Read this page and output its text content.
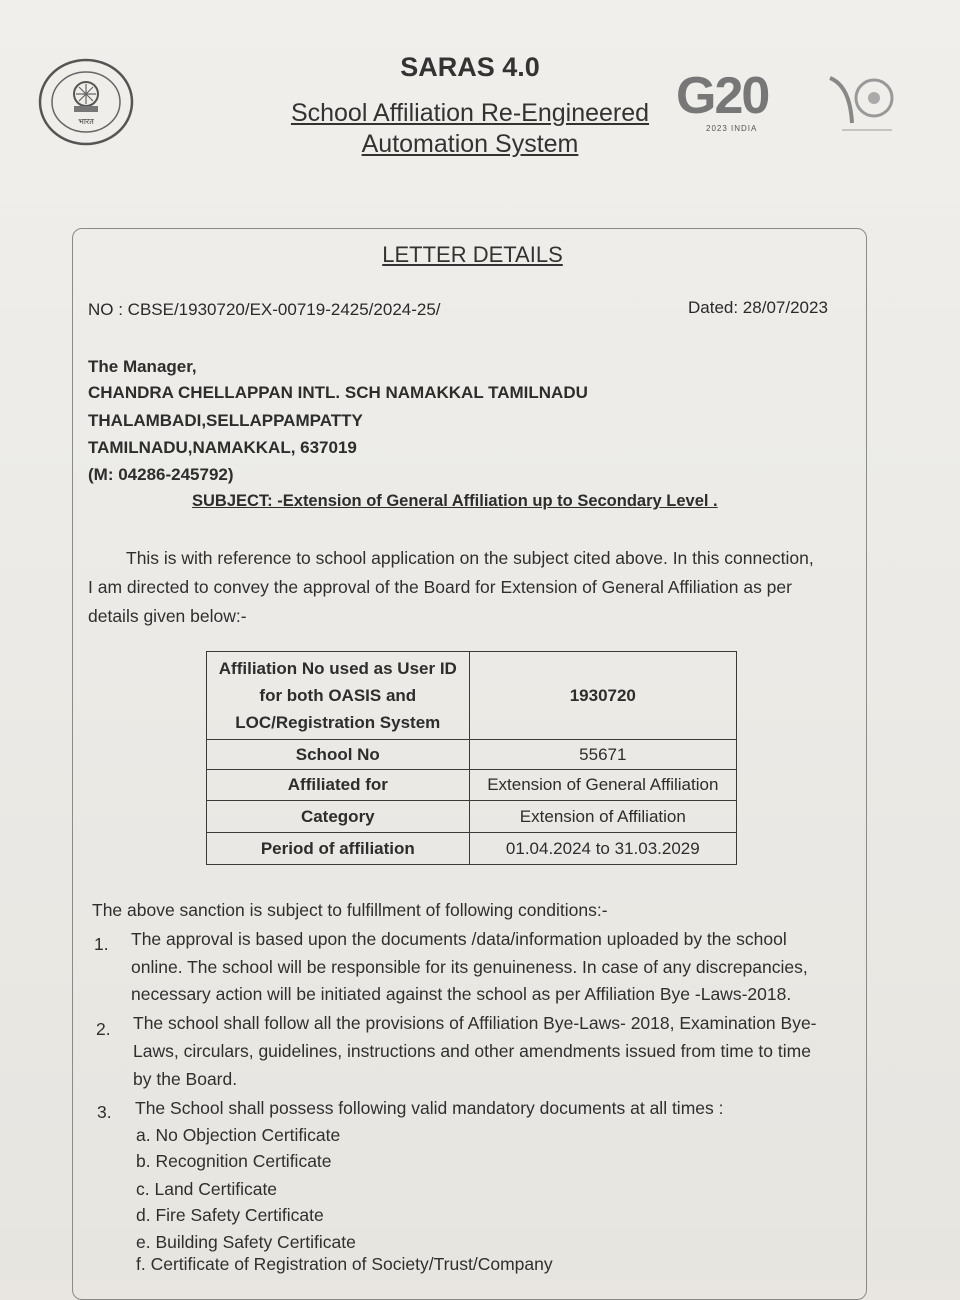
भारत
SARAS 4.0
School Affiliation Re-Engineered
Automation System
G20
2023 INDIA
LETTER DETAILS
NO : CBSE/1930720/EX-00719-2425/2024-25/	Dated: 28/07/2023
The Manager,
CHANDRA CHELLAPPAN INTL. SCH NAMAKKAL TAMILNADU
THALAMBADI,SELLAPPAMPATTY
TAMILNADU,NAMAKKAL, 637019
(M: 04286-245792)
SUBJECT: -Extension of General Affiliation up to Secondary Level .
This is with reference to school application on the subject cited above. In this connection,
I am directed to convey the approval of the Board for Extension of General Affiliation as per
details given below:-
Affiliation No used as User ID for both OASIS and LOC/Registration System	1930720
School No	55671
Affiliated for	Extension of General Affiliation
Category	Extension of Affiliation
Period of affiliation	01.04.2024 to 31.03.2029
The above sanction is subject to fulfillment of following conditions:-
1. The approval is based upon the documents /data/information uploaded by the school
online. The school will be responsible for its genuineness. In case of any discrepancies,
necessary action will be initiated against the school as per Affiliation Bye -Laws-2018.
2. The school shall follow all the provisions of Affiliation Bye-Laws- 2018, Examination Bye-
Laws, circulars, guidelines, instructions and other amendments issued from time to time
by the Board.
3. The School shall possess following valid mandatory documents at all times :
a. No Objection Certificate
b. Recognition Certificate
c. Land Certificate
d. Fire Safety Certificate
e. Building Safety Certificate
f. Certificate of Registration of Society/Trust/Company
